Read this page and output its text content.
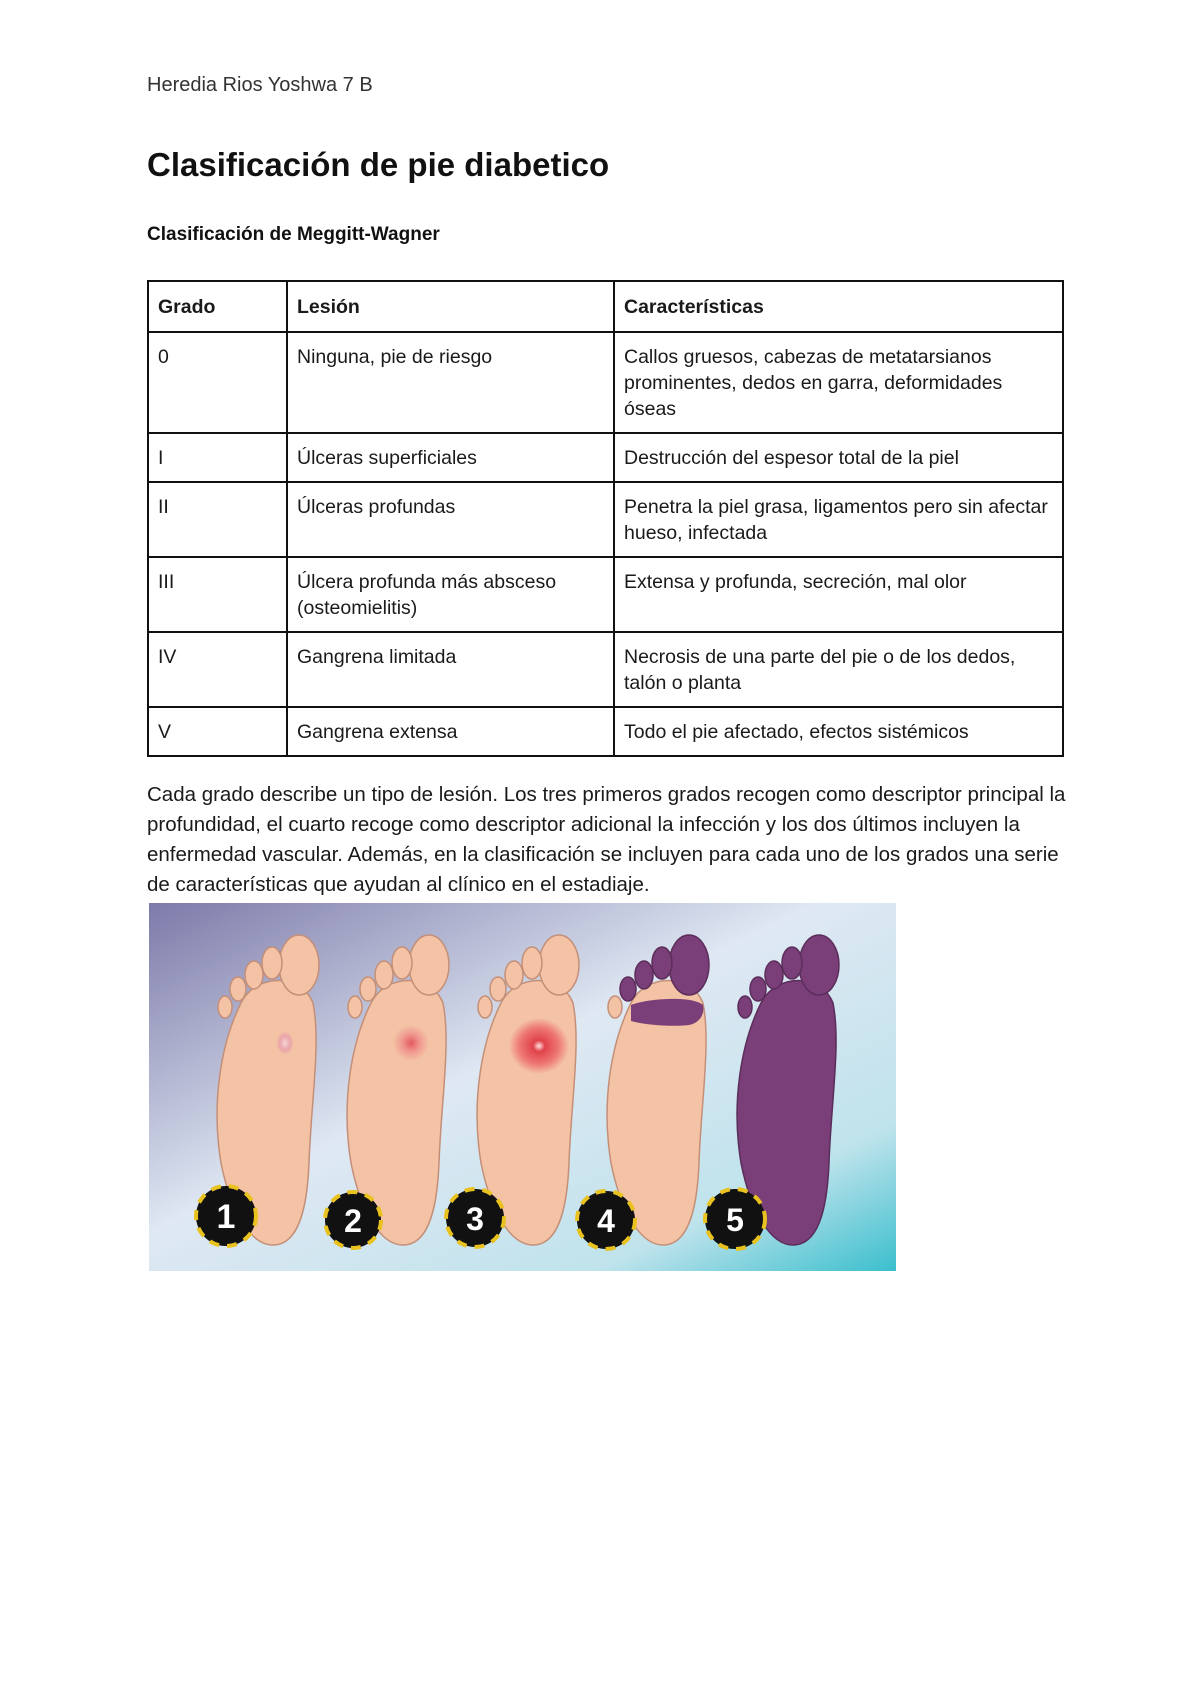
Heredia Rios Yoshwa 7 B
Clasificación de pie diabetico
Clasificación de Meggitt-Wagner
Grado	Lesión	Características
0	Ninguna, pie de riesgo	Callos gruesos, cabezas de metatarsianos prominentes, dedos en garra, deformidades óseas
I	Úlceras superficiales	Destrucción del espesor total de la piel
II	Úlceras profundas	Penetra la piel grasa, ligamentos pero sin afectar hueso, infectada
III	Úlcera profunda más absceso (osteomielitis)	Extensa y profunda, secreción, mal olor
IV	Gangrena limitada	Necrosis de una parte del pie o de los dedos, talón o planta
V	Gangrena extensa	Todo el pie afectado, efectos sistémicos

Cada grado describe un tipo de lesión. Los tres primeros grados recogen como descriptor principal la profundidad, el cuarto recoge como descriptor adicional la infección y los dos últimos incluyen la enfermedad vascular. Además, en la clasificación se incluyen para cada uno de los grados una serie de características que ayudan al clínico en el estadiaje.

1	2	3	4	5
